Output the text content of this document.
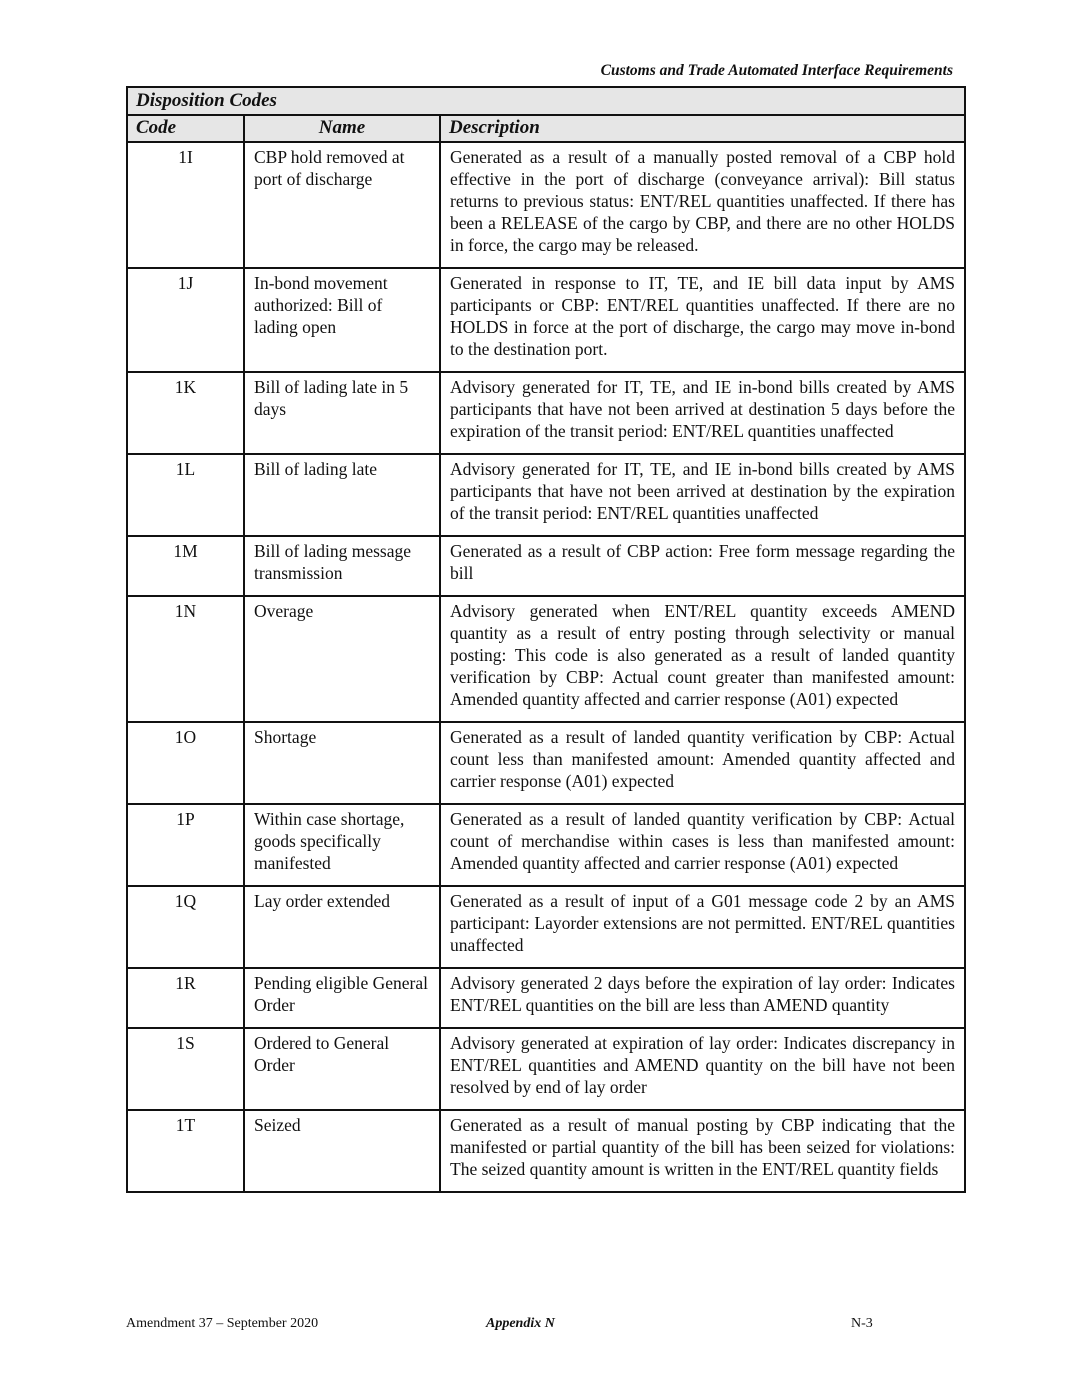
Customs and Trade Automated Interface Requirements
Disposition Codes		
Code	Name	Description
1I	CBP hold removed at port of discharge	Generated as a result of a manually posted removal of a CBP hold effective in the port of discharge (conveyance arrival): Bill status returns to previous status: ENT/REL quantities unaffected. If there has been a RELEASE of the cargo by CBP, and there are no other HOLDS in force, the cargo may be released.
1J	In-bond movement authorized: Bill of lading open	Generated in response to IT, TE, and IE bill data input by AMS participants or CBP: ENT/REL quantities unaffected. If there are no HOLDS in force at the port of discharge, the cargo may move in-bond to the destination port.
1K	Bill of lading late in 5 days	Advisory generated for IT, TE, and IE in-bond bills created by AMS participants that have not been arrived at destination 5 days before the expiration of the transit period: ENT/REL quantities unaffected
1L	Bill of lading late	Advisory generated for IT, TE, and IE in-bond bills created by AMS participants that have not been arrived at destination by the expiration of the transit period: ENT/REL quantities unaffected
1M	Bill of lading message transmission	Generated as a result of CBP action: Free form message regarding the bill
1N	Overage	Advisory generated when ENT/REL quantity exceeds AMEND quantity as a result of entry posting through selectivity or manual posting: This code is also generated as a result of landed quantity verification by CBP: Actual count greater than manifested amount: Amended quantity affected and carrier response (A01) expected
1O	Shortage	Generated as a result of landed quantity verification by CBP: Actual count less than manifested amount: Amended quantity affected and carrier response (A01) expected
1P	Within case shortage, goods specifically manifested	Generated as a result of landed quantity verification by CBP: Actual count of merchandise within cases is less than manifested amount: Amended quantity affected and carrier response (A01) expected
1Q	Lay order extended	Generated as a result of input of a G01 message code 2 by an AMS participant: Layorder extensions are not permitted. ENT/REL quantities unaffected
1R	Pending eligible General Order	Advisory generated 2 days before the expiration of lay order: Indicates ENT/REL quantities on the bill are less than AMEND quantity
1S	Ordered to General Order	Advisory generated at expiration of lay order: Indicates discrepancy in ENT/REL quantities and AMEND quantity on the bill have not been resolved by end of lay order
1T	Seized	Generated as a result of manual posting by CBP indicating that the manifested or partial quantity of the bill has been seized for violations: The seized quantity amount is written in the ENT/REL quantity fields
Amendment 37 – September 2020	Appendix N	N-3
